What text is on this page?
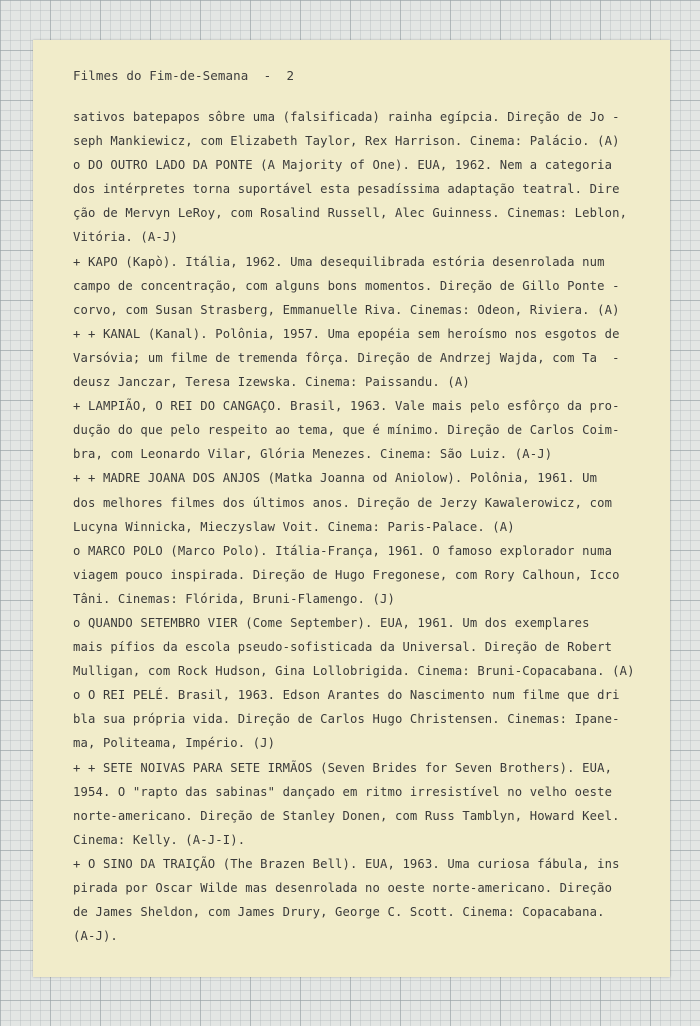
Filmes do Fim-de-Semana  -  2
sativos batepapos sôbre uma (falsificada) rainha egípcia. Direção de Jo -
seph Mankiewicz, com Elizabeth Taylor, Rex Harrison. Cinema: Palácio. (A)
o DO OUTRO LADO DA PONTE (A Majority of One). EUA, 1962. Nem a categoria
dos intérpretes torna suportável esta pesadíssima adaptação teatral. Dire
ção de Mervyn LeRoy, com Rosalind Russell, Alec Guinness. Cinemas: Leblon,
Vitória. (A-J)
+ KAPO (Kapò). Itália, 1962. Uma desequilibrada estória desenrolada num
campo de concentração, com alguns bons momentos. Direção de Gillo Ponte -
corvo, com Susan Strasberg, Emmanuelle Riva. Cinemas: Odeon, Riviera. (A)
+ + KANAL (Kanal). Polônia, 1957. Uma epopéia sem heroísmo nos esgotos de
Varsóvia; um filme de tremenda fôrça. Direção de Andrzej Wajda, com Ta  -
deusz Janczar, Teresa Izewska. Cinema: Paissandu. (A)
+ LAMPIÃO, O REI DO CANGAÇO. Brasil, 1963. Vale mais pelo esfôrço da pro-
dução do que pelo respeito ao tema, que é mínimo. Direção de Carlos Coim-
bra, com Leonardo Vilar, Glória Menezes. Cinema: São Luiz. (A-J)
+ + MADRE JOANA DOS ANJOS (Matka Joanna od Aniolow). Polônia, 1961. Um
dos melhores filmes dos últimos anos. Direção de Jerzy Kawalerowicz, com
Lucyna Winnicka, Mieczyslaw Voit. Cinema: Paris-Palace. (A)
o MARCO POLO (Marco Polo). Itália-França, 1961. O famoso explorador numa
viagem pouco inspirada. Direção de Hugo Fregonese, com Rory Calhoun, Icco
Tâni. Cinemas: Flórida, Bruni-Flamengo. (J)
o QUANDO SETEMBRO VIER (Come September). EUA, 1961. Um dos exemplares
mais pífios da escola pseudo-sofisticada da Universal. Direção de Robert
Mulligan, com Rock Hudson, Gina Lollobrigida. Cinema: Bruni-Copacabana. (A)
o O REI PELÉ. Brasil, 1963. Edson Arantes do Nascimento num filme que dri
bla sua própria vida. Direção de Carlos Hugo Christensen. Cinemas: Ipane-
ma, Politeama, Império. (J)
+ + SETE NOIVAS PARA SETE IRMÃOS (Seven Brides for Seven Brothers). EUA,
1954. O "rapto das sabinas" dançado em ritmo irresistível no velho oeste
norte-americano. Direção de Stanley Donen, com Russ Tamblyn, Howard Keel.
Cinema: Kelly. (A-J-I).
+ O SINO DA TRAIÇÃO (The Brazen Bell). EUA, 1963. Uma curiosa fábula, ins
pirada por Oscar Wilde mas desenrolada no oeste norte-americano. Direção
de James Sheldon, com James Drury, George C. Scott. Cinema: Copacabana.
(A-J).
